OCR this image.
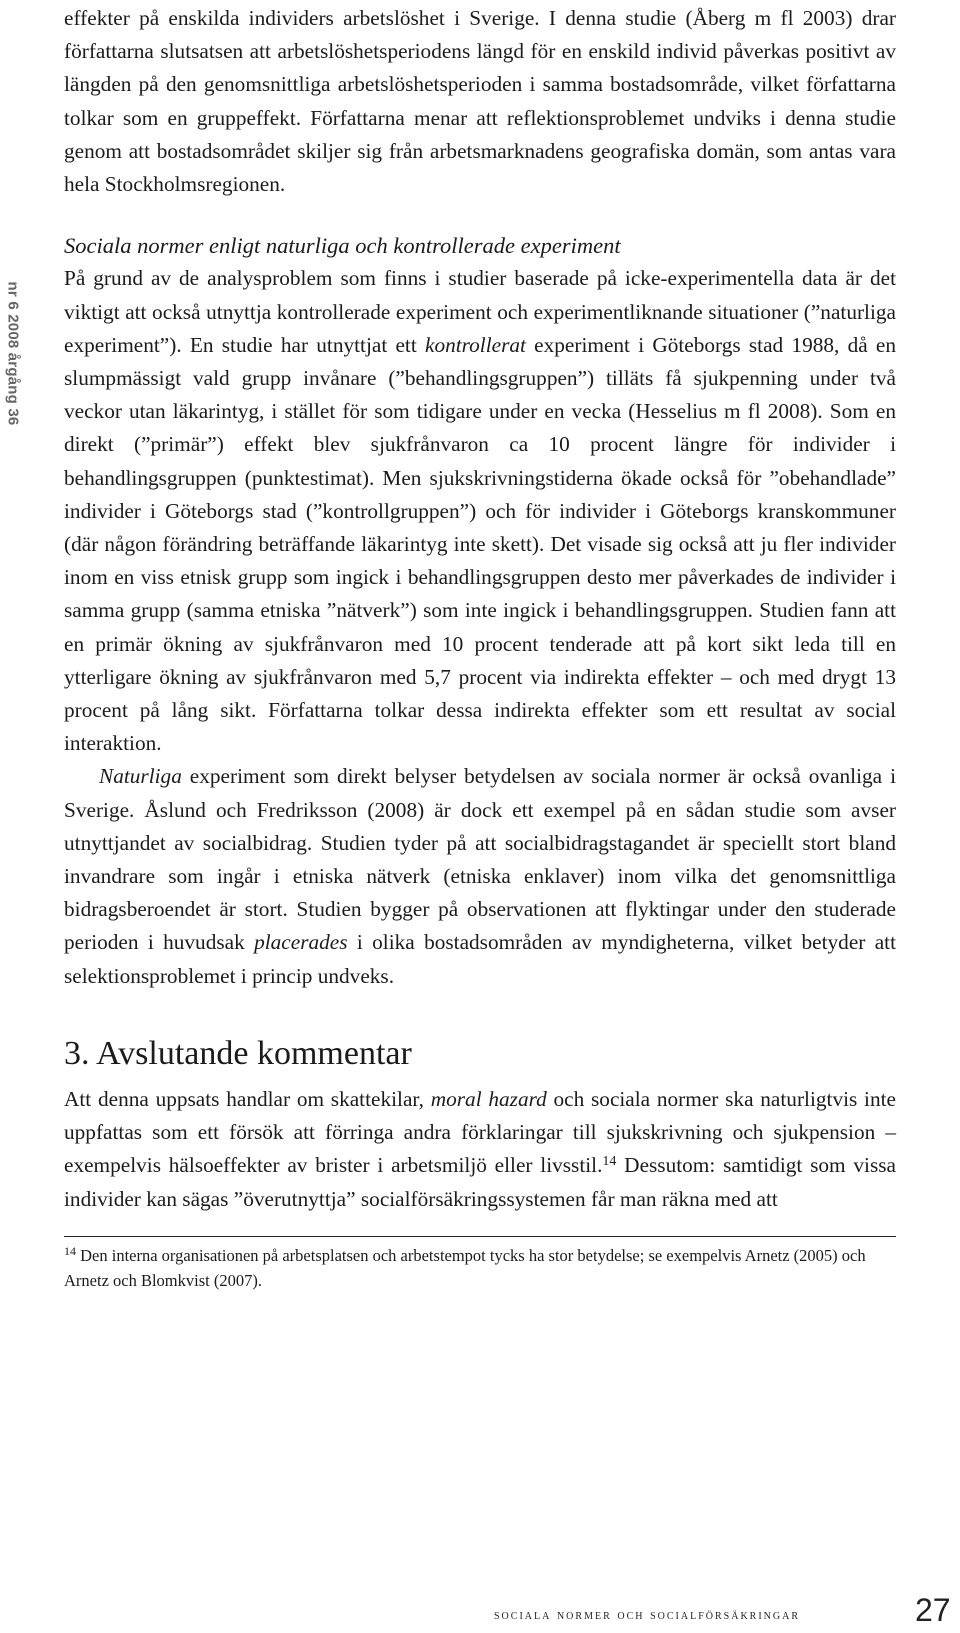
nr 6 2008 årgång 36

effekter på enskilda individers arbetslöshet i Sverige. I denna studie (Åberg m fl 2003) drar författarna slutsatsen att arbetslöshetsperiodens längd för en enskild individ påverkas positivt av längden på den genomsnittliga arbetslöshetsperioden i samma bostadsområde, vilket författarna tolkar som en gruppeffekt. Författarna menar att reflektionsproblemet undviks i denna studie genom att bostadsområdet skiljer sig från arbetsmarknadens geografiska domän, som antas vara hela Stockholmsregionen.

Sociala normer enligt naturliga och kontrollerade experiment

På grund av de analysproblem som finns i studier baserade på icke-experimentella data är det viktigt att också utnyttja kontrollerade experiment och experimentliknande situationer (”naturliga experiment”). En studie har utnyttjat ett kontrollerat experiment i Göteborgs stad 1988, då en slumpmässigt vald grupp invånare (”behandlingsgruppen”) tilläts få sjukpenning under två veckor utan läkarintyg, i stället för som tidigare under en vecka (Hesselius m fl 2008). Som en direkt (”primär”) effekt blev sjukfrånvaron ca 10 procent längre för individer i behandlingsgruppen (punktestimat). Men sjukskrivningstiderna ökade också för ”obehandlade” individer i Göteborgs stad (”kontrollgruppen”) och för individer i Göteborgs kranskommuner (där någon förändring beträffande läkarintyg inte skett). Det visade sig också att ju fler individer inom en viss etnisk grupp som ingick i behandlingsgruppen desto mer påverkades de individer i samma grupp (samma etniska ”nätverk”) som inte ingick i behandlingsgruppen. Studien fann att en primär ökning av sjukfrånvaron med 10 procent tenderade att på kort sikt leda till en ytterligare ökning av sjukfrånvaron med 5,7 procent via indirekta effekter – och med drygt 13 procent på lång sikt. Författarna tolkar dessa indirekta effekter som ett resultat av social interaktion.

Naturliga experiment som direkt belyser betydelsen av sociala normer är också ovanliga i Sverige. Åslund och Fredriksson (2008) är dock ett exempel på en sådan studie som avser utnyttjandet av socialbidrag. Studien tyder på att socialbidragstagandet är speciellt stort bland invandrare som ingår i etniska nätverk (etniska enklaver) inom vilka det genomsnittliga bidragsberoendet är stort. Studien bygger på observationen att flyktingar under den studerade perioden i huvudsak placerades i olika bostadsområden av myndigheterna, vilket betyder att selektionsproblemet i princip undveks.

3. Avslutande kommentar

Att denna uppsats handlar om skattekilar, moral hazard och sociala normer ska naturligtvis inte uppfattas som ett försök att förringa andra förklaringar till sjukskrivning och sjukpension – exempelvis hälsoeffekter av brister i arbetsmiljö eller livsstil.$^{14}$ Dessutom: samtidigt som vissa individer kan sägas ”överutnyttja” socialförsäkringssystemen får man räkna med att

$^{14}$ Den interna organisationen på arbetsplatsen och arbetstempot tycks ha stor betydelse; se exempelvis Arnetz (2005) och Arnetz och Blomkvist (2007).
sociala normer och socialförsäkringar	27
